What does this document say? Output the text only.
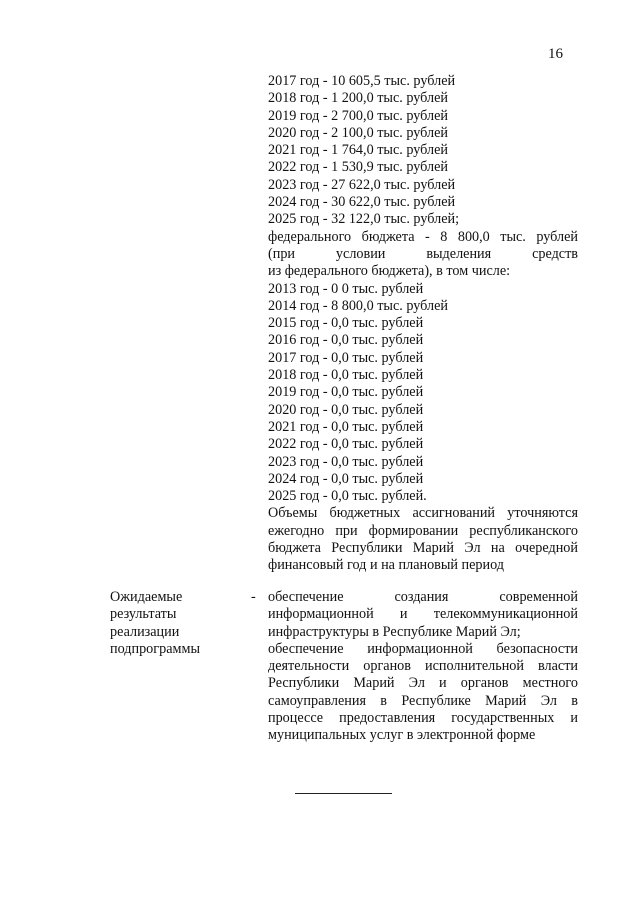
16
2017 год - 10 605,5 тыс. рублей
2018 год - 1 200,0 тыс. рублей
2019 год - 2 700,0 тыс. рублей
2020 год - 2 100,0 тыс. рублей
2021 год - 1 764,0 тыс. рублей
2022 год - 1 530,9 тыс. рублей
2023 год - 27 622,0 тыс. рублей
2024 год - 30 622,0 тыс. рублей
2025 год - 32 122,0 тыс. рублей;
федерального бюджета - 8 800,0 тыс. рублей
(при условии выделения средств
из федерального бюджета), в том числе:
2013 год - 0 0 тыс. рублей
2014 год - 8 800,0 тыс. рублей
2015 год - 0,0 тыс. рублей
2016 год - 0,0 тыс. рублей
2017 год - 0,0 тыс. рублей
2018 год - 0,0 тыс. рублей
2019 год - 0,0 тыс. рублей
2020 год - 0,0 тыс. рублей
2021 год - 0,0 тыс. рублей
2022 год - 0,0 тыс. рублей
2023 год - 0,0 тыс. рублей
2024 год - 0,0 тыс. рублей
2025 год - 0,0 тыс. рублей.
Объемы бюджетных ассигнований уточняются ежегодно при формировании республиканского бюджета Республики Марий Эл на очередной финансовый год и на плановый период
Ожидаемые
результаты
реализации
подпрограммы
- обеспечение создания современной информационной и телекоммуникационной инфраструктуры в Республике Марий Эл;
обеспечение информационной безопасности деятельности органов исполнительной власти Республики Марий Эл и органов местного самоуправления в Республике Марий Эл в процессе предоставления государственных и муниципальных услуг в электронной форме
